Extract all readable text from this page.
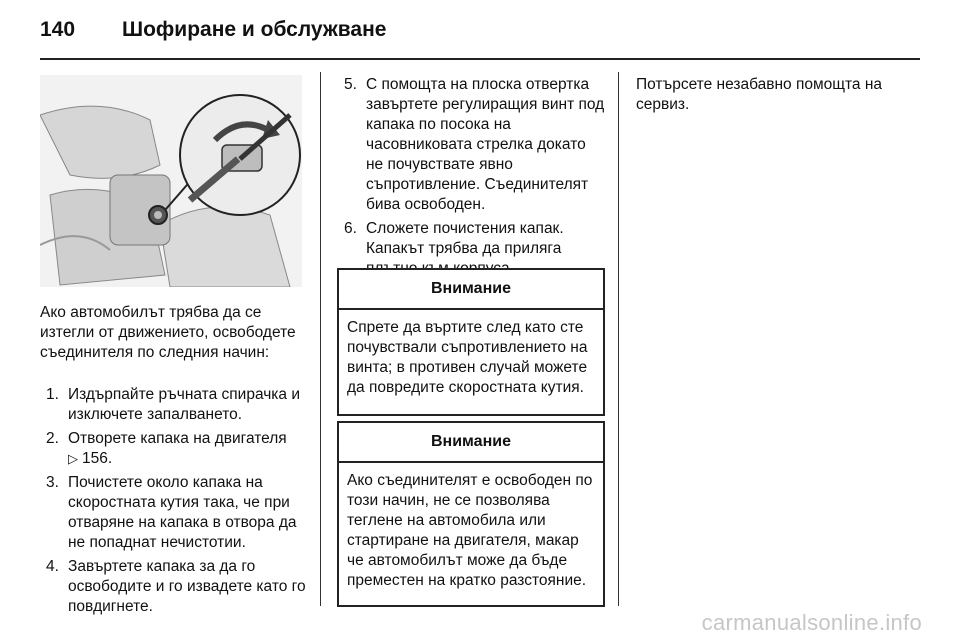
140 Шофиране и обслужване
Ако автомобилът трябва да се изтегли от движението, освободете съединителя по следния начин:
1. Издърпайте ръчната спирачка и изключете запалването.
2. Отворете капака на двигателя
▷ 156.
3. Почистете около капака на скоростната кутия така, че при отваряне на капака в отвора да не попаднат нечистотии.
4. Завъртете капака за да го освободите и го извадете като го повдигнете.
5. С помощта на плоска отвертка завъртете регулиращия винт под капака по посока на часовниковата стрелка докато не почувствате явно съпротивление. Съединителят бива освободен.
6. Сложете почистения капак. Капакът трябва да приляга
Внимание
Спрете да въртите след като сте почувствали съпротивлението на винта; в противен случай можете да повредите скоростната кутия.
Внимание
Ако съединителят е освободен по този начин, не се позволява теглене на автомобила или стартиране на двигателя, макар че автомобилът може да бъде преместен на кратко разстояние.
Потърсете незабавно помощта на сервиз.
carmanualsonline.info
